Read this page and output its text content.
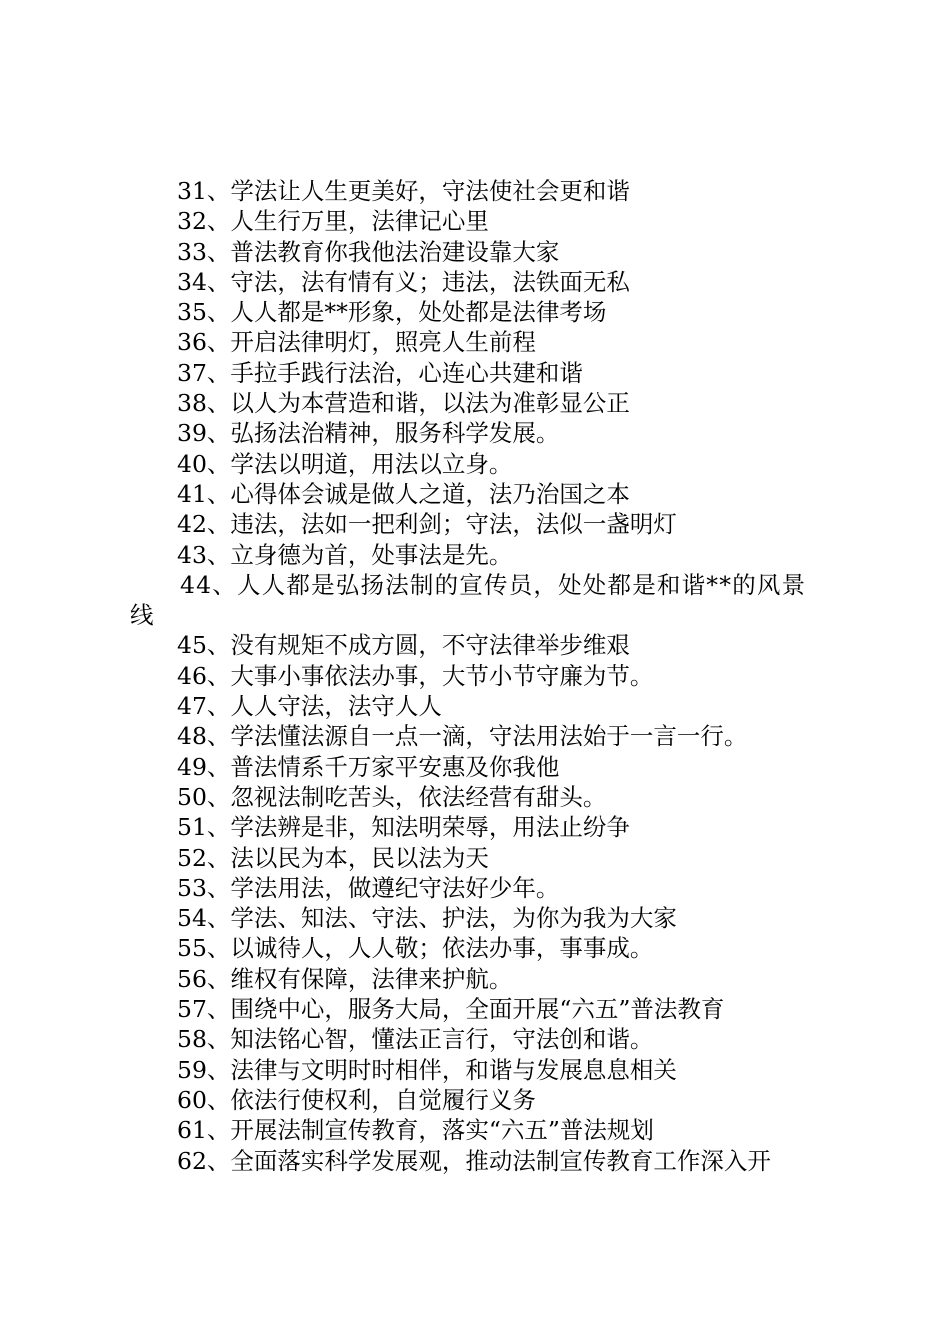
31、学法让人生更美好，守法使社会更和谐
32、人生行万里，法律记心里
33、普法教育你我他法治建设靠大家
34、守法，法有情有义；违法，法铁面无私
35、人人都是**形象，处处都是法律考场
36、开启法律明灯，照亮人生前程
37、手拉手践行法治，心连心共建和谐
38、以人为本营造和谐，以法为准彰显公正
39、弘扬法治精神，服务科学发展。
40、学法以明道，用法以立身。
41、心得体会诚是做人之道，法乃治国之本
42、违法，法如一把利剑；守法，法似一盏明灯
43、立身德为首，处事法是先。
44、人人都是弘扬法制的宣传员，处处都是和谐**的风景
线
45、没有规矩不成方圆，不守法律举步维艰
46、大事小事依法办事，大节小节守廉为节。
47、人人守法，法守人人
48、学法懂法源自一点一滴，守法用法始于一言一行。
49、普法情系千万家平安惠及你我他
50、忽视法制吃苦头，依法经营有甜头。
51、学法辨是非，知法明荣辱，用法止纷争
52、法以民为本，民以法为天
53、学法用法，做遵纪守法好少年。
54、学法、知法、守法、护法，为你为我为大家
55、以诚待人，人人敬；依法办事，事事成。
56、维权有保障，法律来护航。
57、围绕中心，服务大局，全面开展“六五”普法教育
58、知法铭心智，懂法正言行，守法创和谐。
59、法律与文明时时相伴，和谐与发展息息相关
60、依法行使权利，自觉履行义务
61、开展法制宣传教育，落实“六五”普法规划
62、全面落实科学发展观，推动法制宣传教育工作深入开
